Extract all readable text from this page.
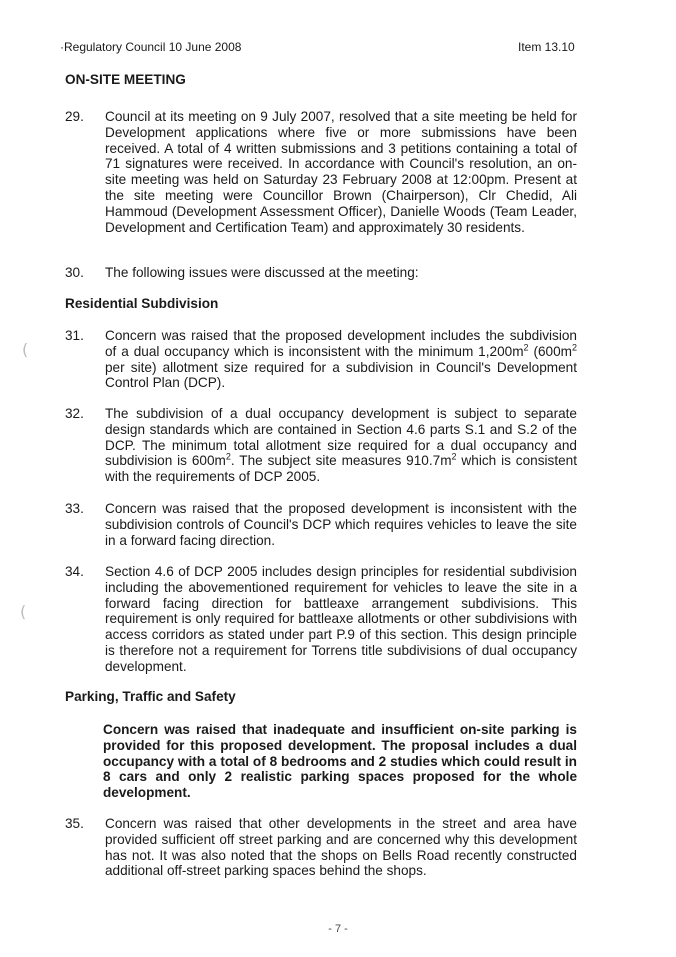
·Regulatory Council 10 June 2008	Item 13.10
(
(
ON-SITE MEETING
29. Council at its meeting on 9 July 2007, resolved that a site meeting be held for Development applications where five or more submissions have been received. A total of 4 written submissions and 3 petitions containing a total of 71 signatures were received. In accordance with Council's resolution, an on-site meeting was held on Saturday 23 February 2008 at 12:00pm. Present at the site meeting were Councillor Brown (Chairperson), Clr Chedid, Ali Hammoud (Development Assessment Officer), Danielle Woods (Team Leader, Development and Certification Team) and approximately 30 residents.
30. The following issues were discussed at the meeting:
Residential Subdivision
31. Concern was raised that the proposed development includes the subdivision of a dual occupancy which is inconsistent with the minimum $1,200m^2$ ($600m^2$ per site) allotment size required for a subdivision in Council's Development Control Plan (DCP).
32. The subdivision of a dual occupancy development is subject to separate design standards which are contained in Section 4.6 parts S.1 and S.2 of the DCP. The minimum total allotment size required for a dual occupancy and subdivision is $600m^2$. The subject site measures $910.7m^2$ which is consistent with the requirements of DCP 2005.
33. Concern was raised that the proposed development is inconsistent with the subdivision controls of Council's DCP which requires vehicles to leave the site in a forward facing direction.
34. Section 4.6 of DCP 2005 includes design principles for residential subdivision including the abovementioned requirement for vehicles to leave the site in a forward facing direction for battleaxe arrangement subdivisions. This requirement is only required for battleaxe allotments or other subdivisions with access corridors as stated under part P.9 of this section. This design principle is therefore not a requirement for Torrens title subdivisions of dual occupancy development.
Parking, Traffic and Safety
Concern was raised that inadequate and insufficient on-site parking is provided for this proposed development. The proposal includes a dual occupancy with a total of 8 bedrooms and 2 studies which could result in 8 cars and only 2 realistic parking spaces proposed for the whole development.
35. Concern was raised that other developments in the street and area have provided sufficient off street parking and are concerned why this development has not. It was also noted that the shops on Bells Road recently constructed additional off-street parking spaces behind the shops.
- 7 -
